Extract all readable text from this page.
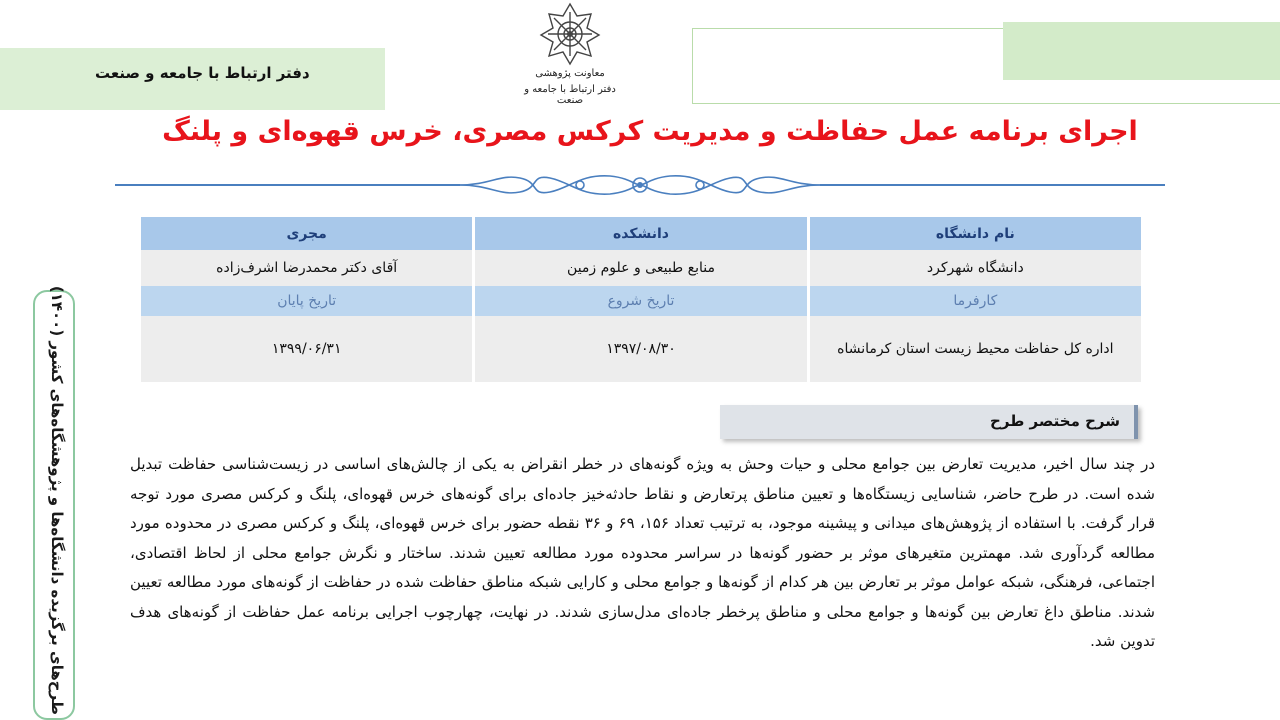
دفتر ارتباط با جامعه و صنعت	معاونت پژوهشی
دفتر ارتباط با جامعه و صنعت
اجرای برنامه عمل حفاظت و مدیریت کرکس مصری، خرس قهوه‌ای و پلنگ
نام دانشگاه	دانشکده	مجری
دانشگاه شهرکرد	منابع طبیعی و علوم زمین	آقای دکتر محمدرضا اشرف‌زاده
کارفرما	تاریخ شروع	تاریخ پایان
اداره کل حفاظت محیط زیست استان کرمانشاه	۱۳۹۷/۰۸/۳۰	۱۳۹۹/۰۶/۳۱
شرح مختصر طرح
در چند سال اخیر، مدیریت تعارض بین جوامع محلی و حیات وحش به ویژه گونه‌های در خطر انقراض به یکی از چالش‌های اساسی در زیست‌شناسی حفاظت تبدیل شده است. در طرح حاضر، شناسایی زیستگاه‌ها و تعیین مناطق پرتعارض و نقاط حادثه‌خیز جاده‌ای برای گونه‌های خرس قهوه‌ای، پلنگ و کرکس مصری مورد توجه قرار گرفت. با استفاده از پژوهش‌های میدانی و پیشینه موجود، به ترتیب تعداد ۱۵۶، ۶۹ و ۳۶ نقطه حضور برای خرس قهوه‌ای، پلنگ و کرکس مصری در محدوده مورد مطالعه گردآوری شد. مهمترین متغیرهای موثر بر حضور گونه‌ها در سراسر محدوده مورد مطالعه تعیین شدند. ساختار و نگرش جوامع محلی از لحاظ اقتصادی، اجتماعی، فرهنگی، شبکه عوامل موثر بر تعارض بین هر کدام از گونه‌ها و جوامع محلی و کارایی شبکه مناطق حفاظت شده در حفاظت از گونه‌های مورد مطالعه تعیین شدند. مناطق داغ تعارض بین گونه‌ها و جوامع محلی و مناطق پرخطر جاده‌ای مدل‌سازی شدند. در نهایت، چهارچوب اجرایی برنامه عمل حفاظت از گونه‌های هدف تدوین شد.
طرح‌های برگزیده دانشگاه‌ها و پژوهشگاه‌های کشور (۱۴۰۰)
